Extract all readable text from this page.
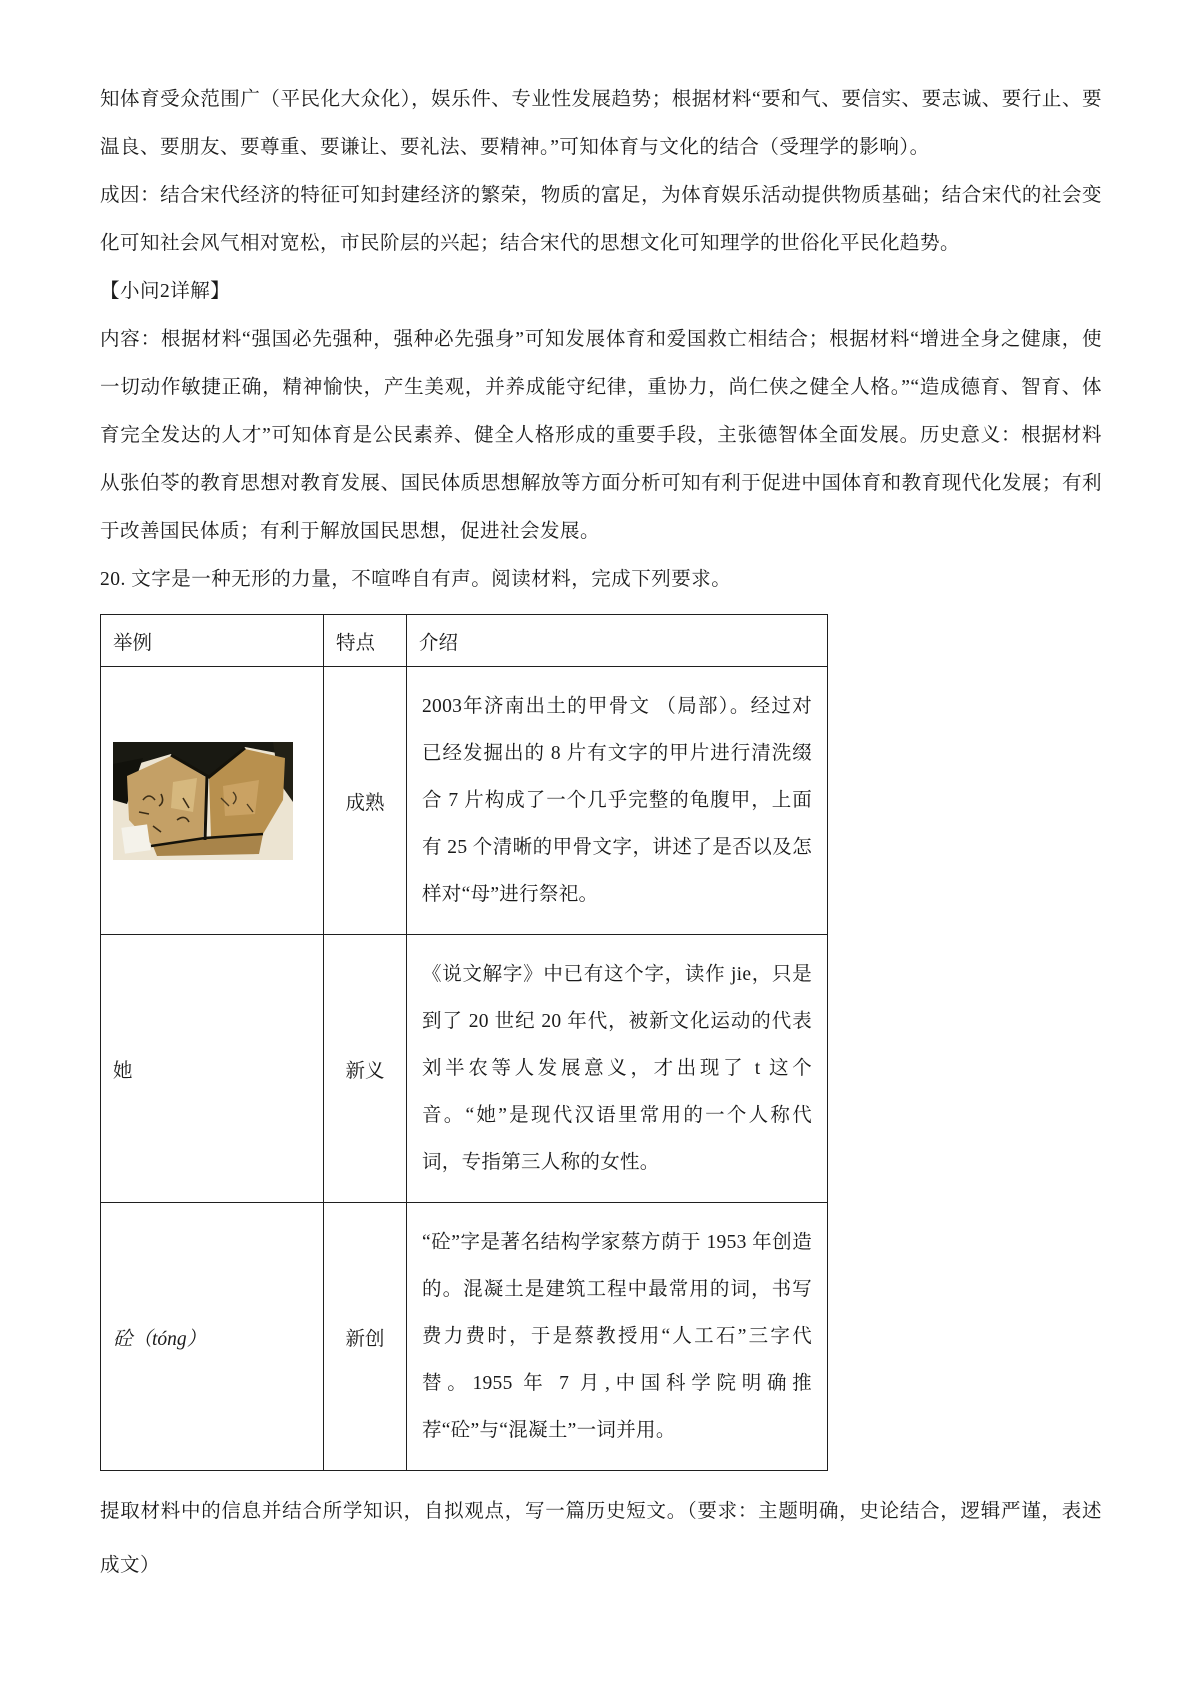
知体育受众范围广（平民化大众化），娱乐件、专业性发展趋势；根据材料“要和气、要信实、要志诚、要行止、要温良、要朋友、要尊重、要谦让、要礼法、要精神。”可知体育与文化的结合（受理学的影响）。

成因：结合宋代经济的特征可知封建经济的繁荣，物质的富足，为体育娱乐活动提供物质基础；结合宋代的社会变化可知社会风气相对宽松，市民阶层的兴起；结合宋代的思想文化可知理学的世俗化平民化趋势。

【小问2详解】

内容：根据材料“强国必先强种，强种必先强身”可知发展体育和爱国救亡相结合；根据材料“增进全身之健康，使一切动作敏捷正确，精神愉快，产生美观，并养成能守纪律，重协力，尚仁侠之健全人格。”“造成德育、智育、体育完全发达的人才”可知体育是公民素养、健全人格形成的重要手段，主张德智体全面发展。历史意义：根据材料从张伯苓的教育思想对教育发展、国民体质思想解放等方面分析可知有利于促进中国体育和教育现代化发展；有利于改善国民体质；有利于解放国民思想，促进社会发展。

20. 文字是一种无形的力量，不喧哗自有声。阅读材料，完成下列要求。

举例	特点	介绍

	成熟	2003年济南出土的甲骨文 （局部）。经过对已经发掘出的 8 片有文字的甲片进行清洗缀合 7 片构成了一个几乎完整的龟腹甲，上面有 25 个清晰的甲骨文字，讲述了是否以及怎样对“母”进行祭祀。
她	新义	《说文解字》中已有这个字，读作 jie，只是到了 20 世纪 20 年代，被新文化运动的代表刘半农等人发展意义，才出现了 t 这个音。“她”是现代汉语里常用的一个人称代词，专指第三人称的女性。
砼（tóng）	新创	“砼”字是著名结构学家蔡方荫于 1953 年创造的。混凝土是建筑工程中最常用的词，书写费力费时，于是蔡教授用“人工石”三字代替。1955 年 7 月,中国科学院明确推荐“砼”与“混凝土”一词并用。

提取材料中的信息并结合所学知识，自拟观点，写一篇历史短文。（要求：主题明确，史论结合，逻辑严谨，表述成文）
